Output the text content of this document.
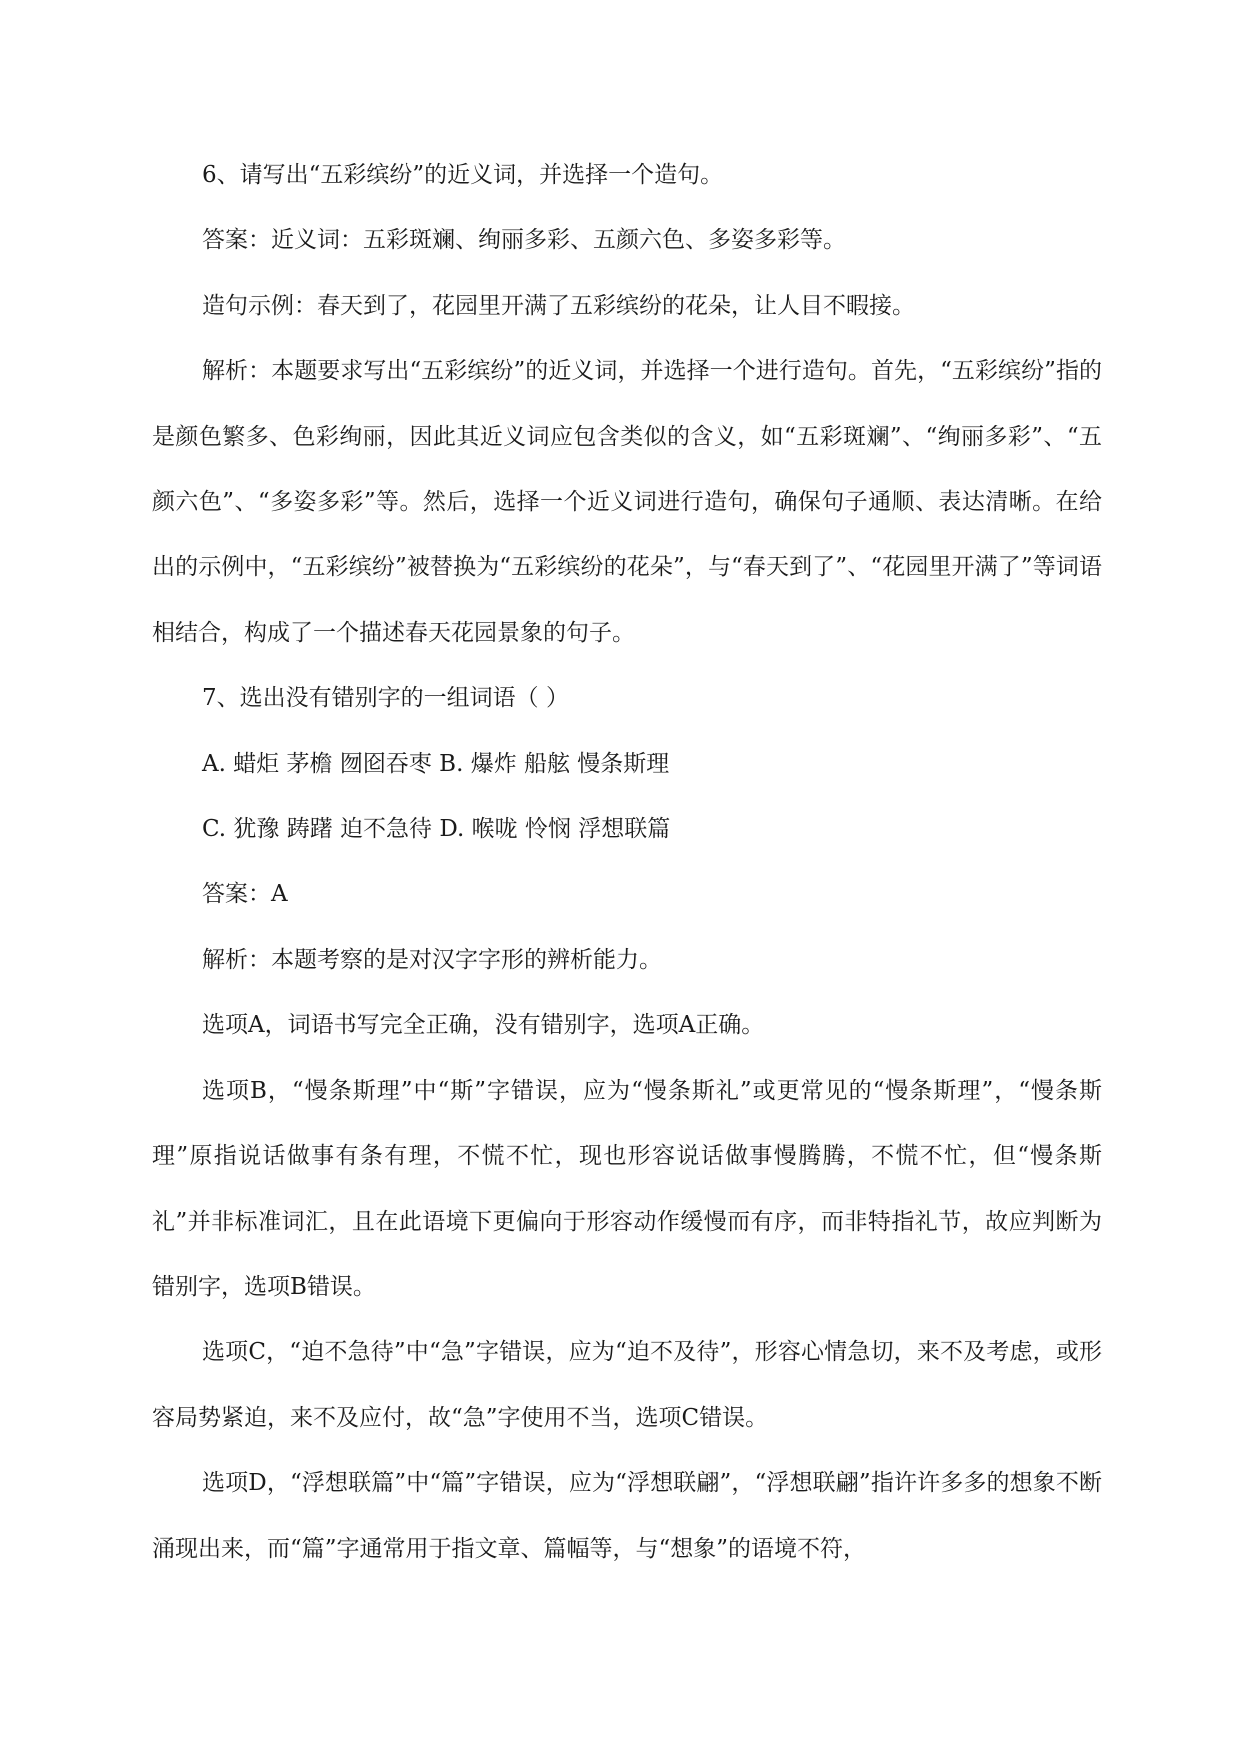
6、请写出“五彩缤纷”的近义词，并选择一个造句。

答案：近义词：五彩斑斓、绚丽多彩、五颜六色、多姿多彩等。

造句示例：春天到了，花园里开满了五彩缤纷的花朵，让人目不暇接。

解析：本题要求写出“五彩缤纷”的近义词，并选择一个进行造句。首先，“五彩缤纷”指的是颜色繁多、色彩绚丽，因此其近义词应包含类似的含义，如“五彩斑斓”、“绚丽多彩”、“五颜六色”、“多姿多彩”等。然后，选择一个近义词进行造句，确保句子通顺、表达清晰。在给出的示例中，“五彩缤纷”被替换为“五彩缤纷的花朵”，与“春天到了”、“花园里开满了”等词语相结合，构成了一个描述春天花园景象的句子。

7、选出没有错别字的一组词语（ ）

A. 蜡炬 茅檐 囫囵吞枣 B. 爆炸 船舷 慢条斯理

C. 犹豫 踌躇 迫不急待 D. 喉咙 怜悯 浮想联篇

答案：A

解析：本题考察的是对汉字字形的辨析能力。

选项A，词语书写完全正确，没有错别字，选项A正确。

选项B，“慢条斯理”中“斯”字错误，应为“慢条斯礼”或更常见的“慢条斯理”，“慢条斯理”原指说话做事有条有理，不慌不忙，现也形容说话做事慢腾腾，不慌不忙，但“慢条斯礼”并非标准词汇，且在此语境下更偏向于形容动作缓慢而有序，而非特指礼节，故应判断为错别字，选项B错误。

选项C，“迫不急待”中“急”字错误，应为“迫不及待”，形容心情急切，来不及考虑，或形容局势紧迫，来不及应付，故“急”字使用不当，选项C错误。

选项D，“浮想联篇”中“篇”字错误，应为“浮想联翩”，“浮想联翩”指许许多多的想象不断涌现出来，而“篇”字通常用于指文章、篇幅等，与“想象”的语境不符，
